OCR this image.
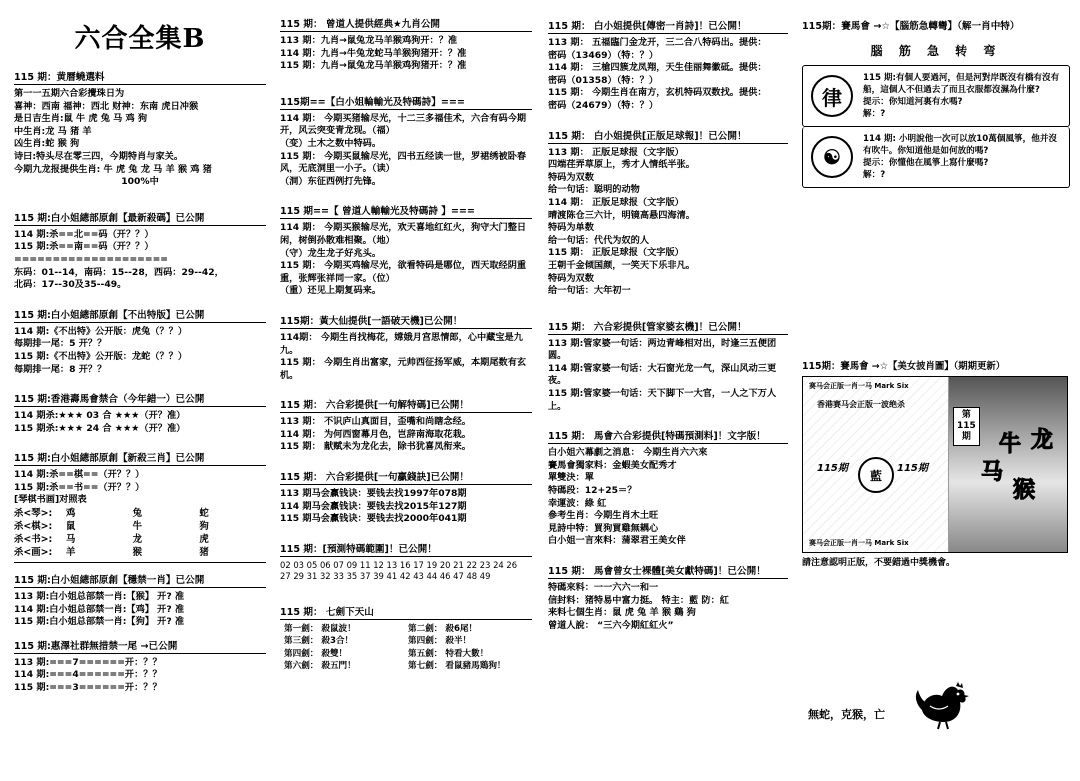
六合全集B
115 期：黄曆蟯選料
第一一五期六合彩攪珠日为
喜神：西南 福神：西北 财神：东南 虎日冲猴
是日吉生肖:鼠 牛 虎 兔 马 鸡 狗
中生肖:龙 马 猪 羊
凶生肖:蛇 猴 狗
诗曰:特头尽在零三四，今期特肖与家关。
今期九龙报提供生肖: 牛 虎 兔 龙 马 羊 猴 鸡 猪
100%中
115 期:白小姐總部原創【最新殺碼】已公開
114 期:杀==北==码（开？？）
115 期:杀==南==码（开？？）
====================
东码：01--14，南码：15--28，西码：29--42，
北码：17--30及35--49。
115 期:白小姐總部原創【不出特版】已公開
114 期:《不出特》公开版：虎兔（？？）
每期排一尾：5 开？？
115 期:《不出特》公开版：龙蛇（？？）
每期排一尾：8 开？？
115 期:香港壽馬會禁合（今年錯一）已公開
114 期杀:★★★ 03 合 ★★★（开？准）
115 期杀:★★★ 24 合 ★★★（开？准）
115 期:白小姐總部原創【新殺三肖】已公開
114 期:杀==棋==（开？？）
115 期:杀==书==（开？？）
[琴棋书画]对照表
杀<琴>:	鸡	兔	蛇
杀<棋>:	鼠	牛	狗
杀<书>:	马	龙	虎
杀<画>:	羊	猴	猪
115 期:白小姐總部原創【穩禁一肖】已公開
113 期:白小姐总部禁一肖:【猴】 开? 准
114 期:白小姐总部禁一肖:【鸡】 开? 准
115 期:白小姐总部禁一肖:【狗】 开? 准
115 期:惠澤社群無措禁一尾 →已公開
113 期:===7======开：？？
114 期:===4======开：？？
115 期:===3======开：？？
115 期： 曾道人提供經典★九肖公開
113 期：九肖→鼠兔龙马羊猴鸡狗开：？准
114 期：九肖→牛兔龙蛇马羊猴狗猪开：？准
115 期：九肖→鼠兔龙马羊猴鸡狗猪开：？准
115期==【白小姐輪輸光及特碼詩】===
114 期： 今期买猪输尽光，十二三多福佳术，六合有码今期开，风云突变青龙现。（福）
（变）土木之数中特码。
115 期： 今期买鼠输尽光，四书五经读一世，罗裙绣被卧春风，无底洞里一小子。（读）
（洞）东征西例打先锋。
115 期==【 曾道人輸輸光及特碼詩 】===
114 期： 今期买猴输尽光，欢天喜地红红火，狗守大门整日闲，树倒孙散难相聚。（地）
（守）龙生龙子好兆头。
115 期： 今期买鸡输尽光，欲看特码是哪位，西天取经阴重重，张辉张祥同一家。（位）
（重）还见上期复码来。
115期：黃大仙提供[一語破天機]已公開！
114期： 今期生肖找梅花，嫦娥月宫思情郎，心中藏宝是九九。
115 期： 今期生肖出富家，元帅西征扬军威，本期尾数有玄机。
115 期： 六合彩提供[一句解特碼]已公開！
113 期： 不识庐山真面目，歪嘴和尚瞎念经。
114 期： 为何西窗幕月色，岂辞南海取花栽。
115 期： 献赋未为龙化去，除书犹喜凤衔来。
115 期： 六合彩提供[一句贏錢訣]已公開！
113 期马会赢钱诀：要钱去找1997年078期
114 期马会赢钱诀：要钱去找2015年127期
115 期马会赢钱诀：要钱去找2000年041期
115 期：[預測特碼範圍]！已公開！
02 03 05 06 07 09 11 12 13 16 17 19 20 21 22 23 24 26
27 29 31 32 33 35 37 39 41 42 43 44 46 47 48 49
115 期： 七劍下天山
第一劍： 殺鼠波！	第二劍： 殺6尾！
第三劍： 殺3合！	第四劍： 殺半！
第四劍： 殺雙！	第五劍： 特看大數！
第六劍： 殺五門！	第七劍： 看鼠豬馬鶏狗！
115 期： 白小姐提供[傳密一肖詩]！已公開！
113 期： 五福臨门金龙开，三二合八特码出。提供：
密码（13469）（特：？）
114 期： 三槍四簇龙凤翔，天生佳丽舞徽砥。提供：
密码（01358）（特：？）
115 期： 今期生肖在南方，玄机特码双数找。提供：
密码（24679）（特：？）
115 期： 白小姐提供[正版足球報]！已公開！
113 期： 正版足球报（文字版）
四端荏弄草原上，秀才人情纸半张。
特码为双数
给一句话：聪明的动物
114 期： 正版足球报（文字版）
晴渡陈仓三六计，明镜高悬四海清。
特码为单数
给一句话：代代为奴的人
115 期： 正版足球报（文字版）
王朝千金倾国颜，一笑天下乐非凡。
特码为双数
给一句话：大年初一
115 期： 六合彩提供[管家婆玄機]！已公開！
113 期:管家婆一句话：两边青峰相对出，时逢三五便团圆。
114 期:管家婆一句话：大石窗光龙一气，深山风动三更夜。
115 期:管家婆一句话：天下脚下一大官，一人之下万人上。
115 期： 馬會六合彩提供[特碼預測料]！文字版！
白小姐六幕劇之消息： 今期生肖六六來
賽馬會獨家料：金蝦美女配秀才
單雙決：單
特碼段：12+25＝？
幸運波：綠 紅
參考生肖：今期生肖木土旺
見詩中特：買狗買雞無耦心
白小姐一言來料：蒲翠君王美女伴
115 期： 馬會曾女士裸體[美女獻特碼]！已公開！
特碼來料：一一六六一和一
信封料：猪特易中富力挺。 特主：藍 防：紅
来料七個生肖：鼠 虎 兔 羊 猴 鷄 狗
曾道人說： “三六今期紅紅火”
115期：賽馬會 →☆【腦筋急轉彎】（解一肖中特）
腦 筋 急 转 弯
律
115 期:有個人要過河，但是河對岸既沒有橋有沒有船，這個人不但過去了而且衣服都沒濕為什麼?
提示：你知道河裏有水嗎?
解：?
☯
114 期: 小明說他一次可以放10萬個風箏，他并沒有吹牛。你知道他是如何放的嗎?
提示：你懂他在風箏上寫什麼嗎?
解：?
115期：賽馬會 →☆【美女披肖圖】（期期更新）
赛马会正版一肖一马 Mark Six
香港赛马会正版一波绝杀
第
115
期
115期	藍	115期
牛 龙
马
猴
赛马会正版一肖一马 Mark Six
請注意認明正版，不要錯過中獎機會。
無蛇，克猴，亡
